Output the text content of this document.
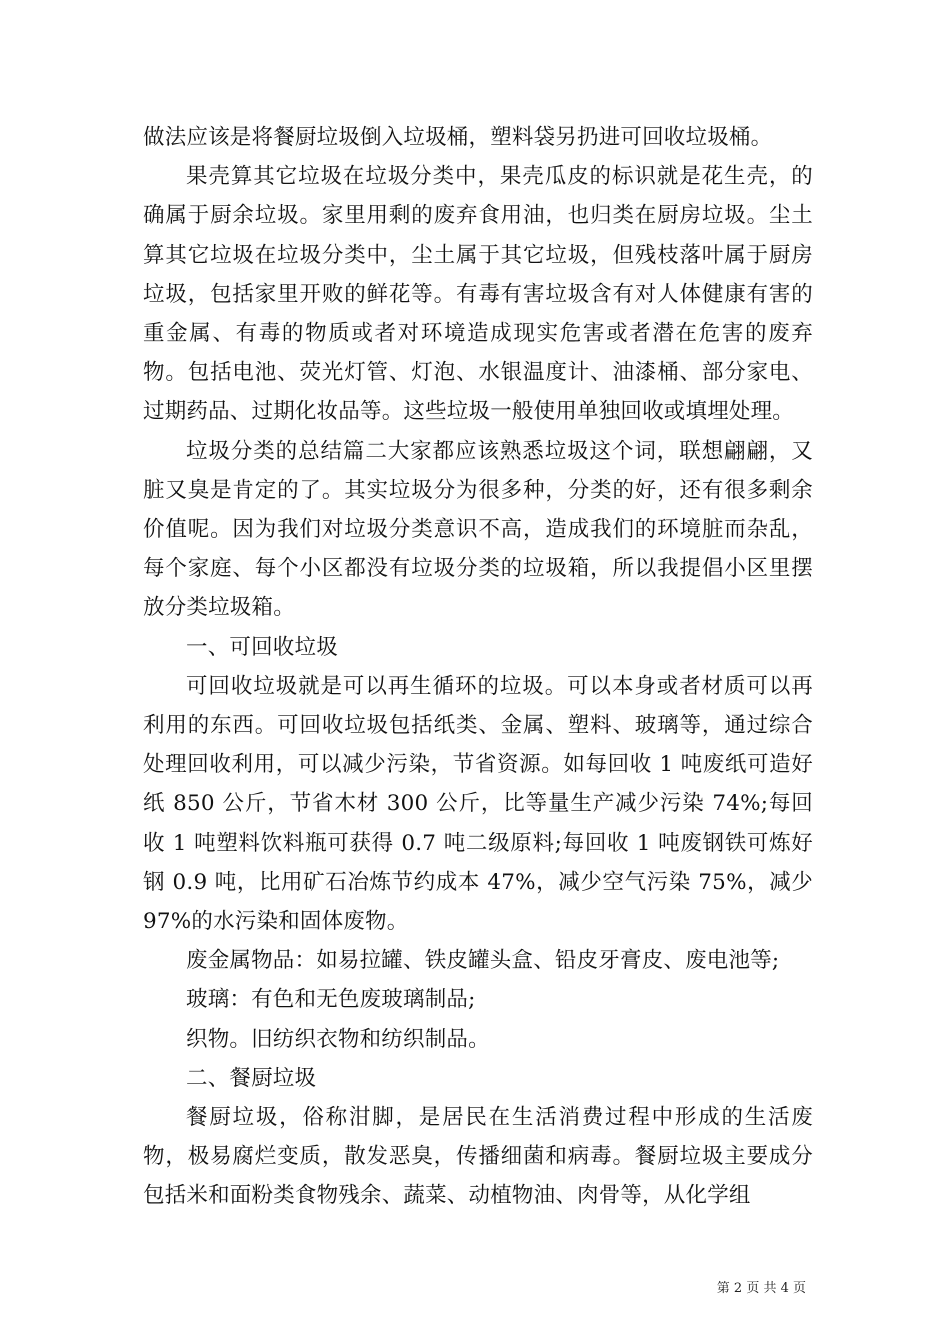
做法应该是将餐厨垃圾倒入垃圾桶，塑料袋另扔进可回收垃圾桶。

果壳算其它垃圾在垃圾分类中，果壳瓜皮的标识就是花生壳，的确属于厨余垃圾。家里用剩的废弃食用油，也归类在厨房垃圾。尘土算其它垃圾在垃圾分类中，尘土属于其它垃圾，但残枝落叶属于厨房垃圾，包括家里开败的鲜花等。有毒有害垃圾含有对人体健康有害的重金属、有毒的物质或者对环境造成现实危害或者潜在危害的废弃物。包括电池、荧光灯管、灯泡、水银温度计、油漆桶、部分家电、过期药品、过期化妆品等。这些垃圾一般使用单独回收或填埋处理。

垃圾分类的总结篇二大家都应该熟悉垃圾这个词，联想翩翩，又脏又臭是肯定的了。其实垃圾分为很多种，分类的好，还有很多剩余价值呢。因为我们对垃圾分类意识不高，造成我们的环境脏而杂乱，每个家庭、每个小区都没有垃圾分类的垃圾箱，所以我提倡小区里摆放分类垃圾箱。

一、可回收垃圾

可回收垃圾就是可以再生循环的垃圾。可以本身或者材质可以再利用的东西。可回收垃圾包括纸类、金属、塑料、玻璃等，通过综合处理回收利用，可以减少污染，节省资源。如每回收 1 吨废纸可造好纸 850 公斤，节省木材 300 公斤，比等量生产减少污染 74%;每回收 1 吨塑料饮料瓶可获得 0.7 吨二级原料;每回收 1 吨废钢铁可炼好钢 0.9 吨，比用矿石冶炼节约成本 47%，减少空气污染 75%，减少 97%的水污染和固体废物。

废金属物品：如易拉罐、铁皮罐头盒、铅皮牙膏皮、废电池等;

玻璃：有色和无色废玻璃制品;

织物。旧纺织衣物和纺织制品。

二、餐厨垃圾

餐厨垃圾，俗称泔脚，是居民在生活消费过程中形成的生活废物，极易腐烂变质，散发恶臭，传播细菌和病毒。餐厨垃圾主要成分包括米和面粉类食物残余、蔬菜、动植物油、肉骨等，从化学组

第 2 页 共 4 页
